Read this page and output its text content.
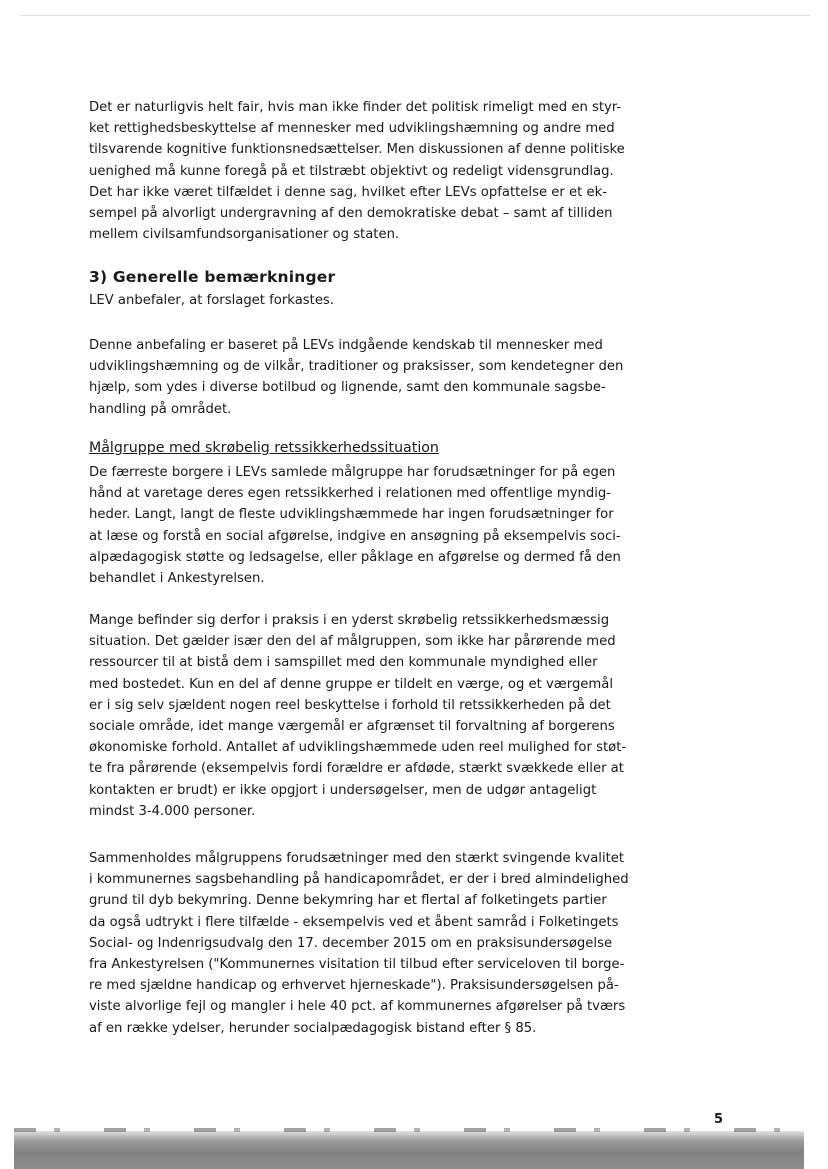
Det er naturligvis helt fair, hvis man ikke finder det politisk rimeligt med en styr-
ket rettighedsbeskyttelse af mennesker med udviklingshæmning og andre med
tilsvarende kognitive funktionsnedsættelser. Men diskussionen af denne politiske
uenighed må kunne foregå på et tilstræbt objektivt og redeligt vidensgrundlag.
Det har ikke været tilfældet i denne sag, hvilket efter LEVs opfattelse er et ek-
sempel på alvorligt undergravning af den demokratiske debat – samt af tilliden
mellem civilsamfundsorganisationer og staten.
3) Generelle bemærkninger
LEV anbefaler, at forslaget forkastes.
Denne anbefaling er baseret på LEVs indgående kendskab til mennesker med
udviklingshæmning og de vilkår, traditioner og praksisser, som kendetegner den
hjælp, som ydes i diverse botilbud og lignende, samt den kommunale sagsbe-
handling på området.
Målgruppe med skrøbelig retssikkerhedssituation
De færreste borgere i LEVs samlede målgruppe har forudsætninger for på egen
hånd at varetage deres egen retssikkerhed i relationen med offentlige myndig-
heder. Langt, langt de fleste udviklingshæmmede har ingen forudsætninger for
at læse og forstå en social afgørelse, indgive en ansøgning på eksempelvis soci-
alpædagogisk støtte og ledsagelse, eller påklage en afgørelse og dermed få den
behandlet i Ankestyrelsen.
Mange befinder sig derfor i praksis i en yderst skrøbelig retssikkerhedsmæssig
situation. Det gælder især den del af målgruppen, som ikke har pårørende med
ressourcer til at bistå dem i samspillet med den kommunale myndighed eller
med bostedet. Kun en del af denne gruppe er tildelt en værge, og et værgemål
er i sig selv sjældent nogen reel beskyttelse i forhold til retssikkerheden på det
sociale område, idet mange værgemål er afgrænset til forvaltning af borgerens
økonomiske forhold. Antallet af udviklingshæmmede uden reel mulighed for støt-
te fra pårørende (eksempelvis fordi forældre er afdøde, stærkt svækkede eller at
kontakten er brudt) er ikke opgjort i undersøgelser, men de udgør antageligt
mindst 3-4.000 personer.
Sammenholdes målgruppens forudsætninger med den stærkt svingende kvalitet
i kommunernes sagsbehandling på handicapområdet, er der i bred almindelighed
grund til dyb bekymring. Denne bekymring har et flertal af folketingets partier
da også udtrykt i flere tilfælde - eksempelvis ved et åbent samråd i Folketingets
Social- og Indenrigsudvalg den 17. december 2015 om en praksisundersøgelse
fra Ankestyrelsen ("Kommunernes visitation til tilbud efter serviceloven til borge-
re med sjældne handicap og erhvervet hjerneskade"). Praksisundersøgelsen på-
viste alvorlige fejl og mangler i hele 40 pct. af kommunernes afgørelser på tværs
af en række ydelser, herunder socialpædagogisk bistand efter § 85.
5
